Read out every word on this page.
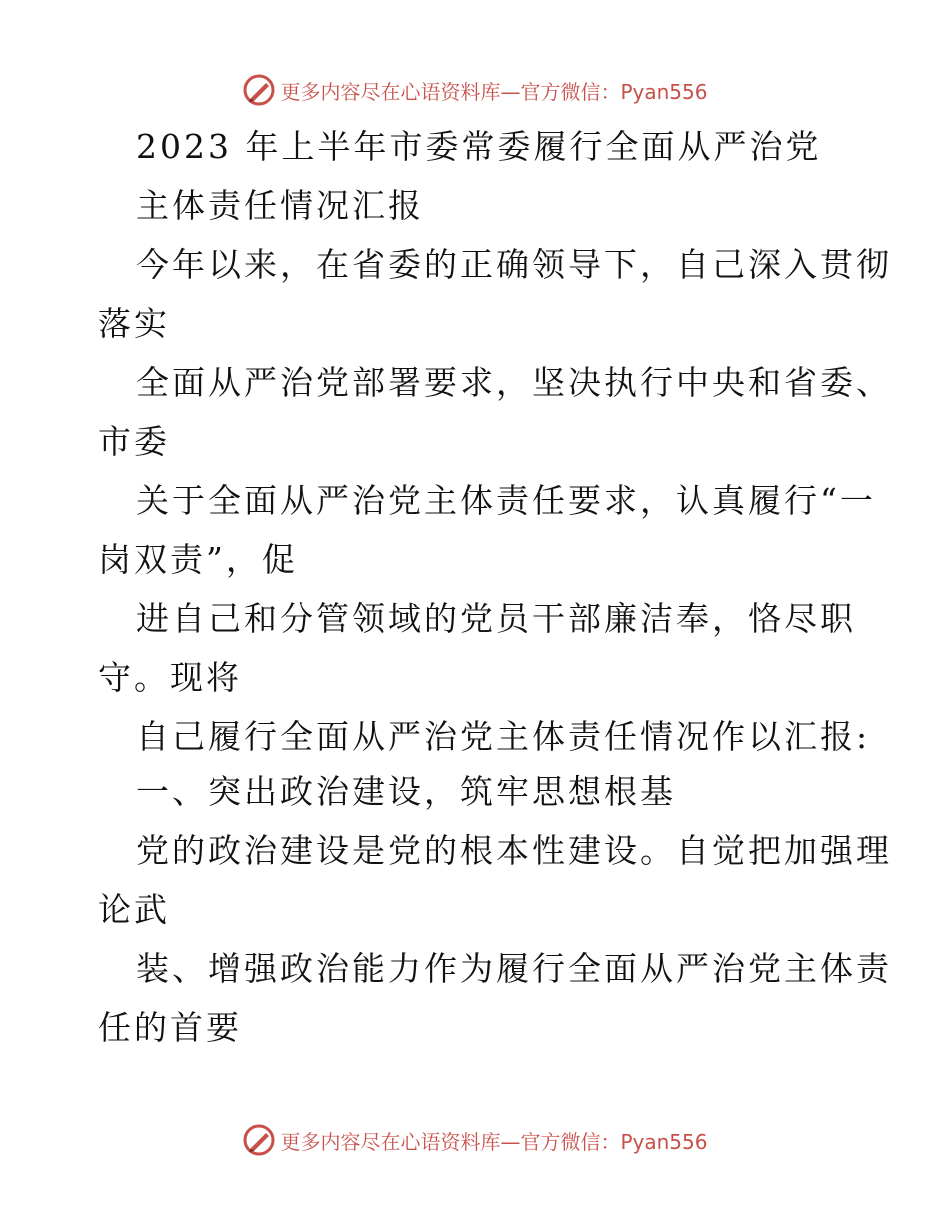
更多内容尽在心语资料库—官方微信：Pyan556
2023 年上半年市委常委履行全面从严治党
主体责任情况汇报
今年以来，在省委的正确领导下，自己深入贯彻
落实
全面从严治党部署要求，坚决执行中央和省委、
市委
关于全面从严治党主体责任要求，认真履行“一
岗双责”，促
进自己和分管领域的党员干部廉洁奉，恪尽职
守。现将
自己履行全面从严治党主体责任情况作以汇报:
一、突出政治建设，筑牢思想根基
党的政治建设是党的根本性建设。自觉把加强理
论武
装、增强政治能力作为履行全面从严治党主体责
任的首要
更多内容尽在心语资料库—官方微信：Pyan556
